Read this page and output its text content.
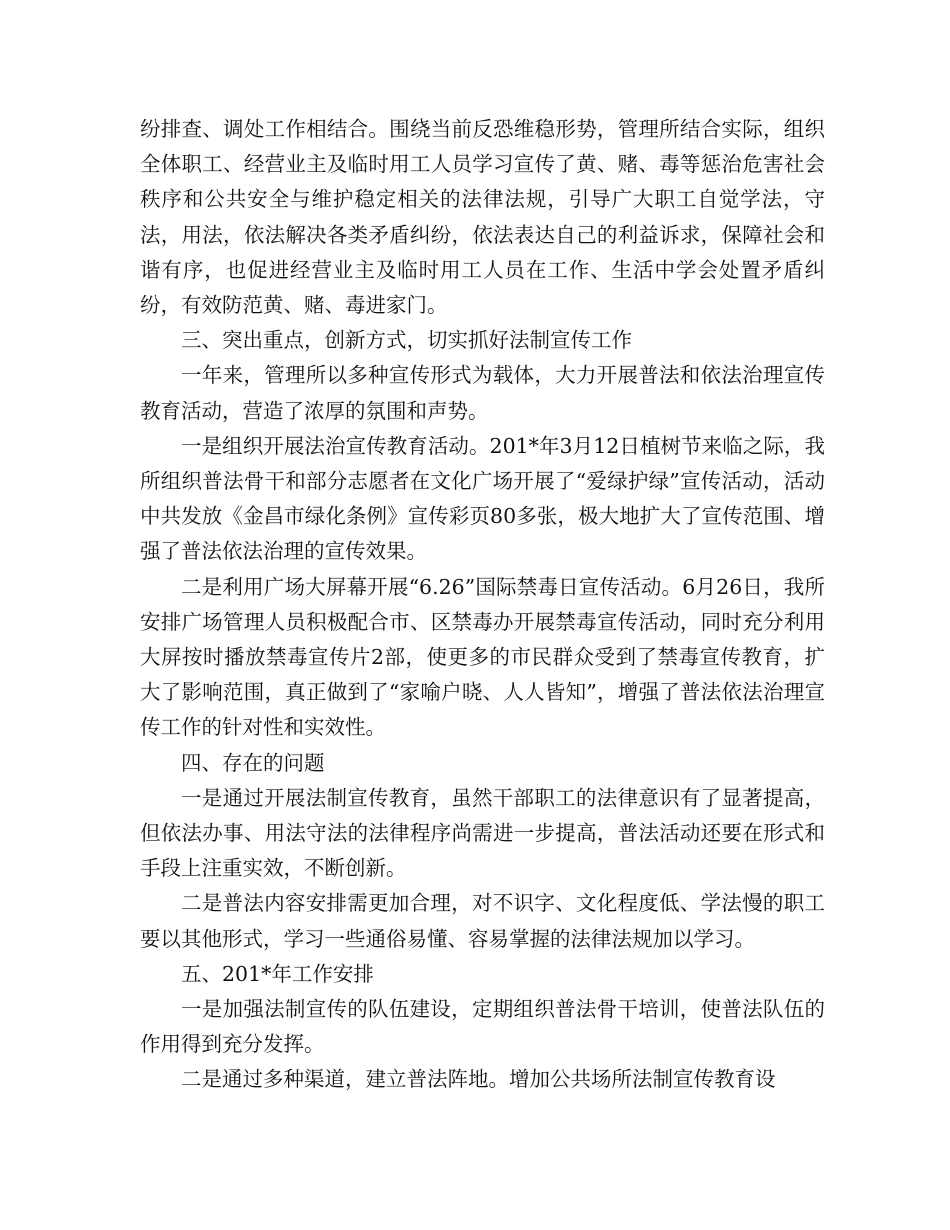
纷排查、调处工作相结合。围绕当前反恐维稳形势，管理所结合实际，组织全体职工、经营业主及临时用工人员学习宣传了黄、赌、毒等惩治危害社会秩序和公共安全与维护稳定相关的法律法规，引导广大职工自觉学法，守法，用法，依法解决各类矛盾纠纷，依法表达自己的利益诉求，保障社会和谐有序，也促进经营业主及临时用工人员在工作、生活中学会处置矛盾纠纷，有效防范黄、赌、毒进家门。

三、突出重点，创新方式，切实抓好法制宣传工作

一年来，管理所以多种宣传形式为载体，大力开展普法和依法治理宣传教育活动，营造了浓厚的氛围和声势。

一是组织开展法治宣传教育活动。201*年3月12日植树节来临之际，我所组织普法骨干和部分志愿者在文化广场开展了“爱绿护绿”宣传活动，活动中共发放《金昌市绿化条例》宣传彩页80多张，极大地扩大了宣传范围、增强了普法依法治理的宣传效果。

二是利用广场大屏幕开展“6.26”国际禁毒日宣传活动。6月26日，我所安排广场管理人员积极配合市、区禁毒办开展禁毒宣传活动，同时充分利用大屏按时播放禁毒宣传片2部，使更多的市民群众受到了禁毒宣传教育，扩大了影响范围，真正做到了“家喻户晓、人人皆知”，增强了普法依法治理宣传工作的针对性和实效性。

四、存在的问题

一是通过开展法制宣传教育，虽然干部职工的法律意识有了显著提高，但依法办事、用法守法的法律程序尚需进一步提高，普法活动还要在形式和手段上注重实效，不断创新。

二是普法内容安排需更加合理，对不识字、文化程度低、学法慢的职工要以其他形式，学习一些通俗易懂、容易掌握的法律法规加以学习。

五、201*年工作安排

一是加强法制宣传的队伍建设，定期组织普法骨干培训，使普法队伍的作用得到充分发挥。

二是通过多种渠道，建立普法阵地。增加公共场所法制宣传教育设
